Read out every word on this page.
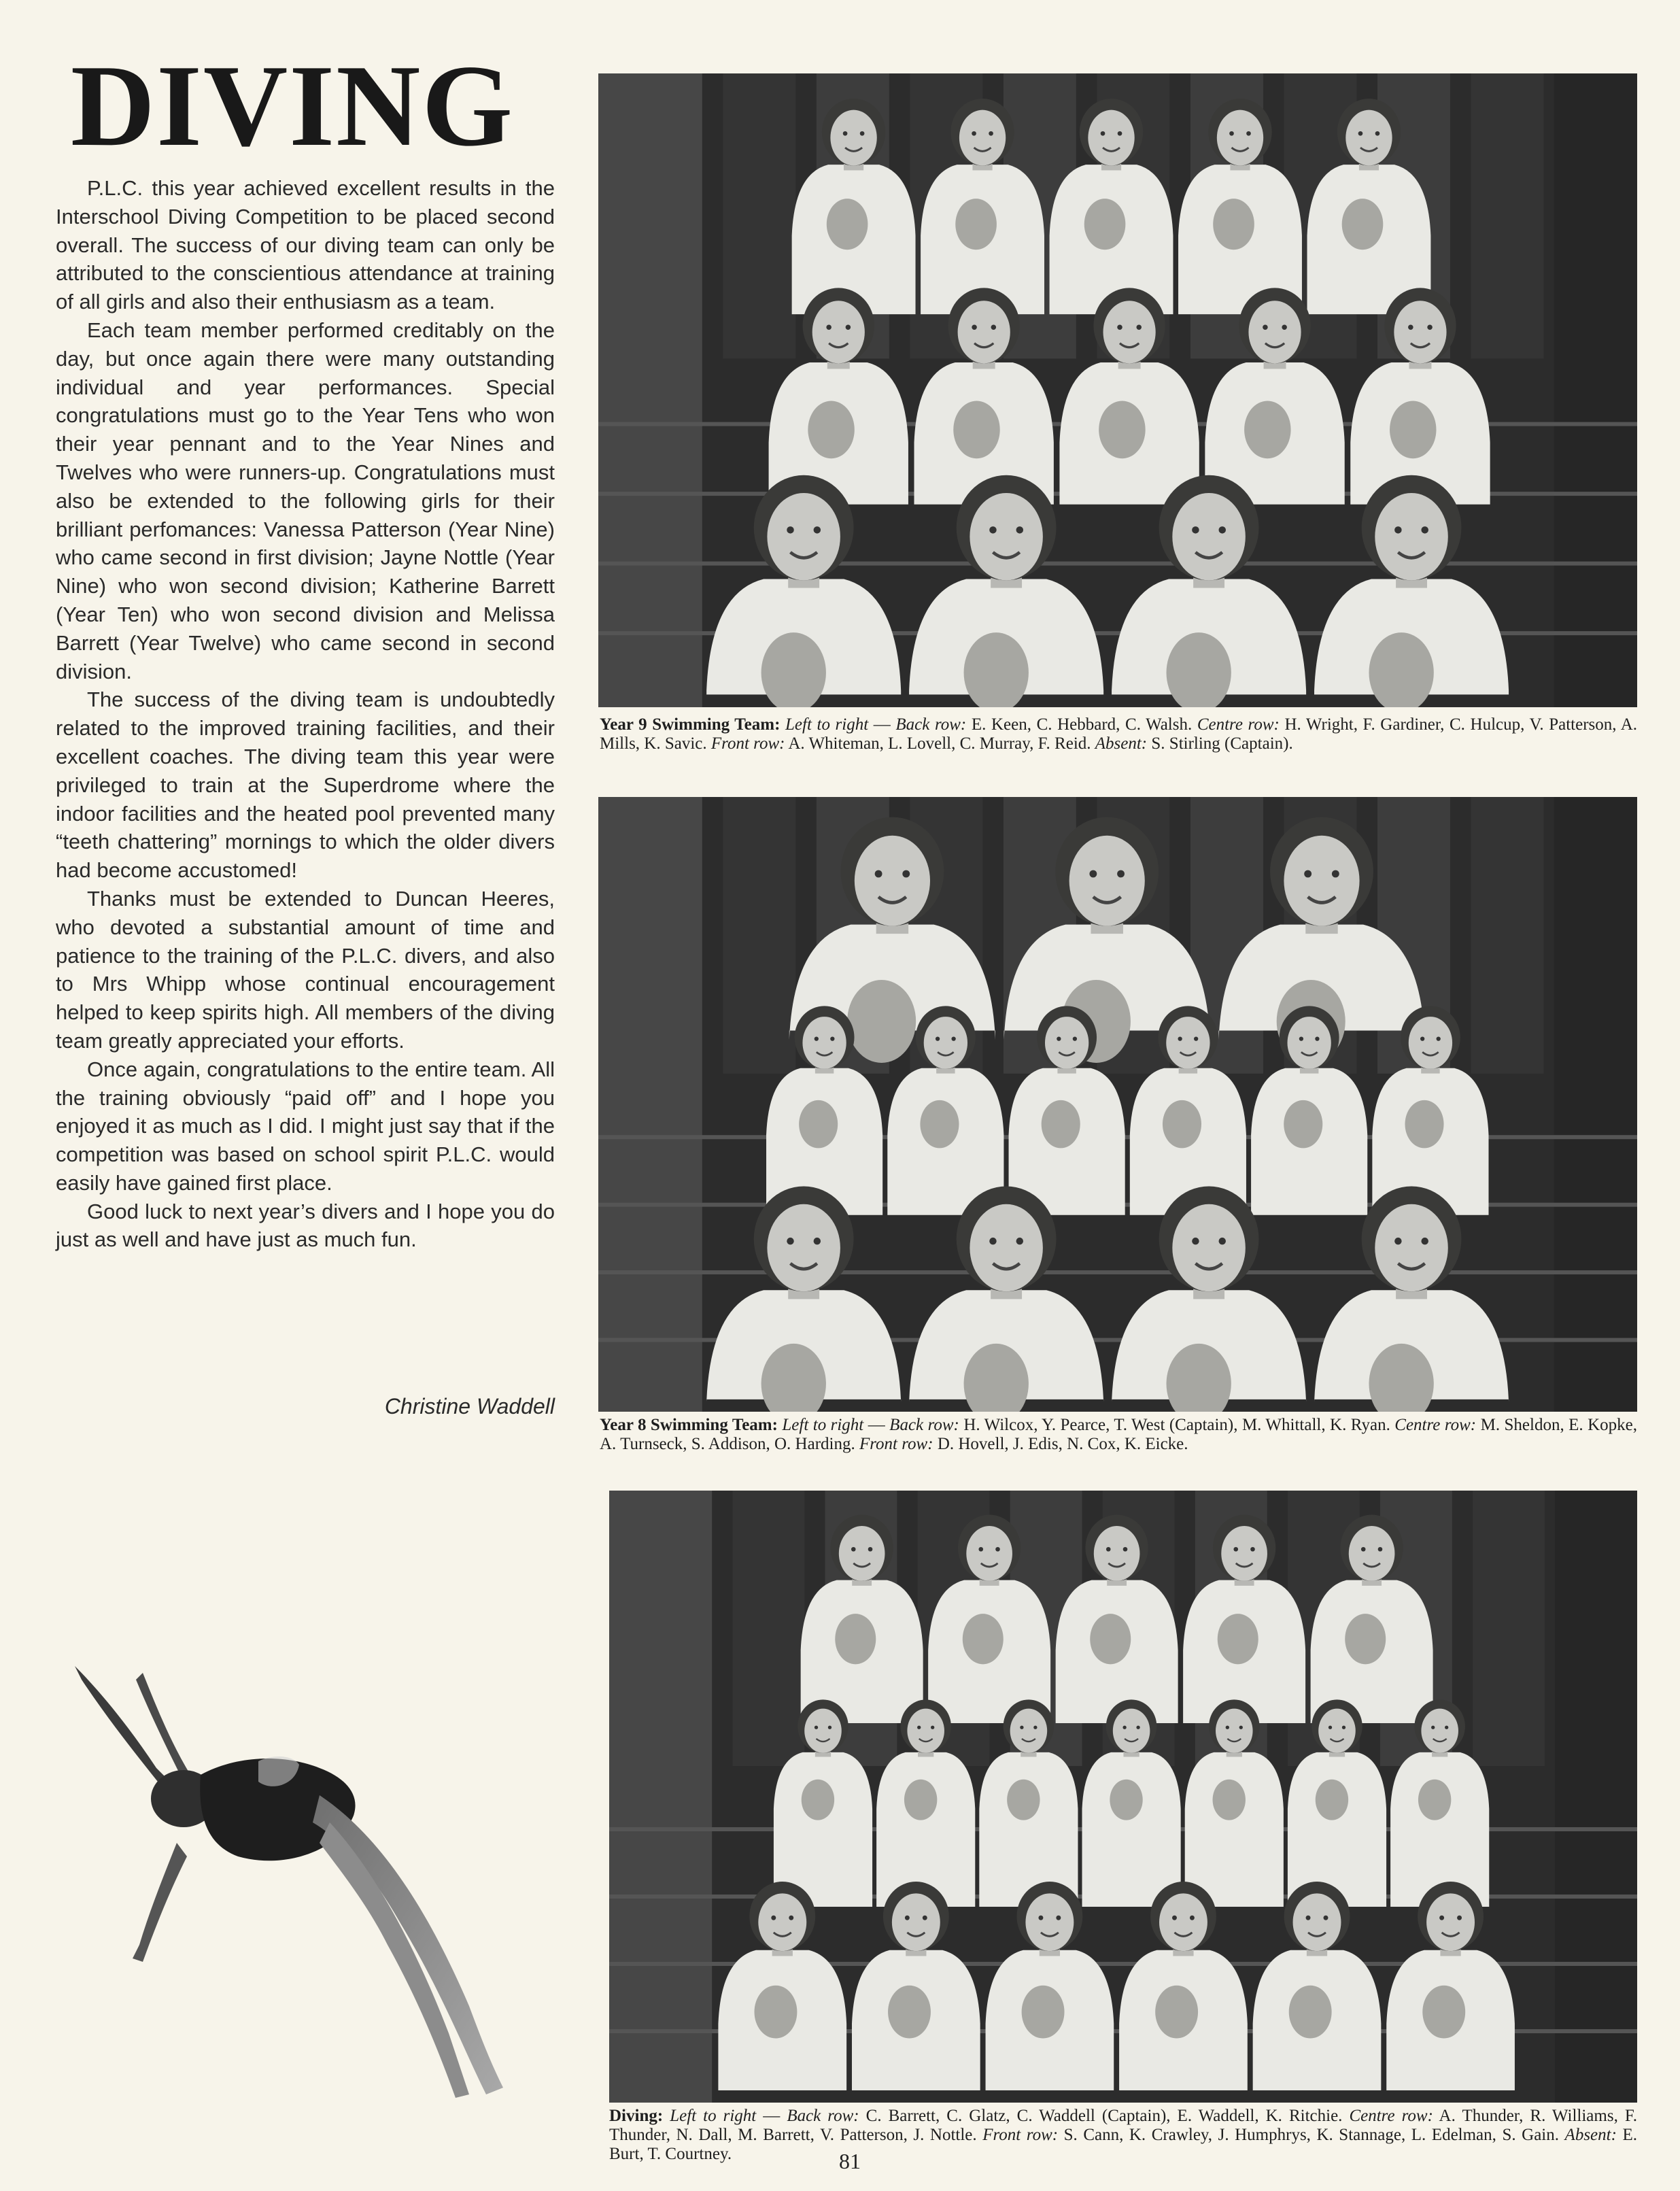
DIVING

P.L.C. this year achieved excellent results in the Interschool Diving Competition to be placed second overall. The success of our diving team can only be attributed to the conscientious attendance at training of all girls and also their enthusiasm as a team.

Each team member performed creditably on the day, but once again there were many outstanding individual and year performances. Special congratulations must go to the Year Tens who won their year pennant and to the Year Nines and Twelves who were runners-up. Congratulations must also be extended to the following girls for their brilliant perfomances: Vanessa Patterson (Year Nine) who came second in first division; Jayne Nottle (Year Nine) who won second division; Katherine Barrett (Year Ten) who won second division and Melissa Barrett (Year Twelve) who came second in second division.

The success of the diving team is undoubtedly related to the improved training facilities, and their excellent coaches. The diving team this year were privileged to train at the Superdrome where the indoor facilities and the heated pool prevented many “teeth chattering” mornings to which the older divers had become accustomed!

Thanks must be extended to Duncan Heeres, who devoted a substantial amount of time and patience to the training of the P.L.C. divers, and also to Mrs Whipp whose continual encouragement helped to keep spirits high. All members of the diving team greatly appreciated your efforts.

Once again, congratulations to the entire team. All the training obviously “paid off” and I hope you enjoyed it as much as I did. I might just say that if the competition was based on school spirit P.L.C. would easily have gained first place.

Good luck to next year’s divers and I hope you do just as well and have just as much fun.

Christine Waddell
Year 9 Swimming Team: Left to right — Back row: E. Keen, C. Hebbard, C. Walsh. Centre row: H. Wright, F. Gardiner, C. Hulcup, V. Patterson, A. Mills, K. Savic. Front row: A. Whiteman, L. Lovell, C. Murray, F. Reid. Absent: S. Stirling (Captain).
Year 8 Swimming Team: Left to right — Back row: H. Wilcox, Y. Pearce, T. West (Captain), M. Whittall, K. Ryan. Centre row: M. Sheldon, E. Kopke, A. Turnseck, S. Addison, O. Harding. Front row: D. Hovell, J. Edis, N. Cox, K. Eicke.
Diving: Left to right — Back row: C. Barrett, C. Glatz, C. Waddell (Captain), E. Waddell, K. Ritchie. Centre row: A. Thunder, R. Williams, F. Thunder, N. Dall, M. Barrett, V. Patterson, J. Nottle. Front row: S. Cann, K. Crawley, J. Humphrys, K. Stannage, L. Edelman, S. Gain. Absent: E. Burt, T. Courtney.	81
